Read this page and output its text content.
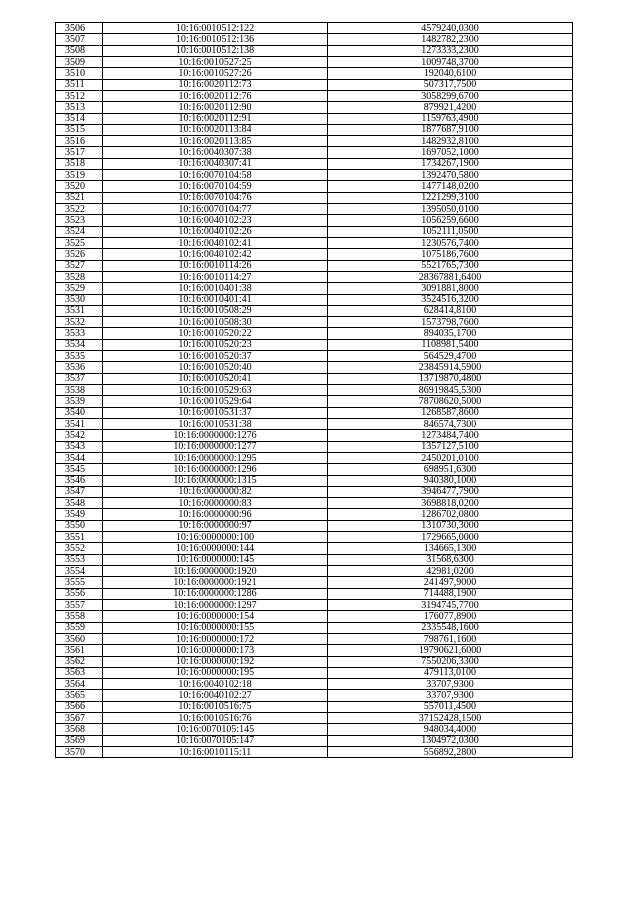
3506	10:16:0010512:122	4579240,0300
3507	10:16:0010512:136	1482782,2300
3508	10:16:0010512:138	1273333,2300
3509	10:16:0010527:25	1009748,3700
3510	10:16:0010527:26	192040,6100
3511	10:16:0020112:73	507317,7500
3512	10:16:0020112:76	3058299,6700
3513	10:16:0020112:90	879921,4200
3514	10:16:0020112:91	1159763,4900
3515	10:16:0020113:84	1877687,9100
3516	10:16:0020113:85	1482932,8100
3517	10:16:0040307:38	1697052,1000
3518	10:16:0040307:41	1734267,1900
3519	10:16:0070104:58	1392470,5800
3520	10:16:0070104:59	1477148,0200
3521	10:16:0070104:76	1221299,3100
3522	10:16:0070104:77	1395050,0100
3523	10:16:0040102:23	1056259,6600
3524	10:16:0040102:26	1052111,0500
3525	10:16:0040102:41	1230576,7400
3526	10:16:0040102:42	1075186,7600
3527	10:16:0010114:26	5521765,7300
3528	10:16:0010114:27	28367881,6400
3529	10:16:0010401:38	3091881,8000
3530	10:16:0010401:41	3524516,3200
3531	10:16:0010508:29	628414,8100
3532	10:16:0010508:30	1573798,7600
3533	10:16:0010520:22	894035,1700
3534	10:16:0010520:23	1108981,5400
3535	10:16:0010520:37	564529,4700
3536	10:16:0010520:40	23845914,5900
3537	10:16:0010520:41	13719870,4800
3538	10:16:0010529:63	86919845,5300
3539	10:16:0010529:64	78708620,5000
3540	10:16:0010531:37	1268587,8600
3541	10:16:0010531:38	846574,7300
3542	10:16:0000000:1276	1273484,7400
3543	10:16:0000000:1277	1357127,5100
3544	10:16:0000000:1295	2450201,0100
3545	10:16:0000000:1296	698951,6300
3546	10:16:0000000:1315	940380,1000
3547	10:16:0000000:82	3946477,7900
3548	10:16:0000000:83	3698818,0200
3549	10:16:0000000:96	1286702,0800
3550	10:16:0000000:97	1310730,3000
3551	10:16:0000000:100	1729665,0000
3552	10:16:0000000:144	134665,1300
3553	10:16:0000000:145	31568,6300
3554	10:16:0000000:1920	42981,0200
3555	10:16:0000000:1921	241497,9000
3556	10:16:0000000:1286	714488,1900
3557	10:16:0000000:1297	3194745,7700
3558	10:16:0000000:154	176077,8900
3559	10:16:0000000:155	2335548,1600
3560	10:16:0000000:172	798761,1600
3561	10:16:0000000:173	19790621,6000
3562	10:16:0000000:192	7550206,3300
3563	10:16:0000000:195	479113,0100
3564	10:16:0040102:18	33707,9300
3565	10:16:0040102:27	33707,9300
3566	10:16:0010516:75	557011,4500
3567	10:16:0010516:76	37152428,1500
3568	10:16:0070105:145	948034,4000
3569	10:16:0070105:147	1304972,0300
3570	10:16:0010115:11	556892,2800
